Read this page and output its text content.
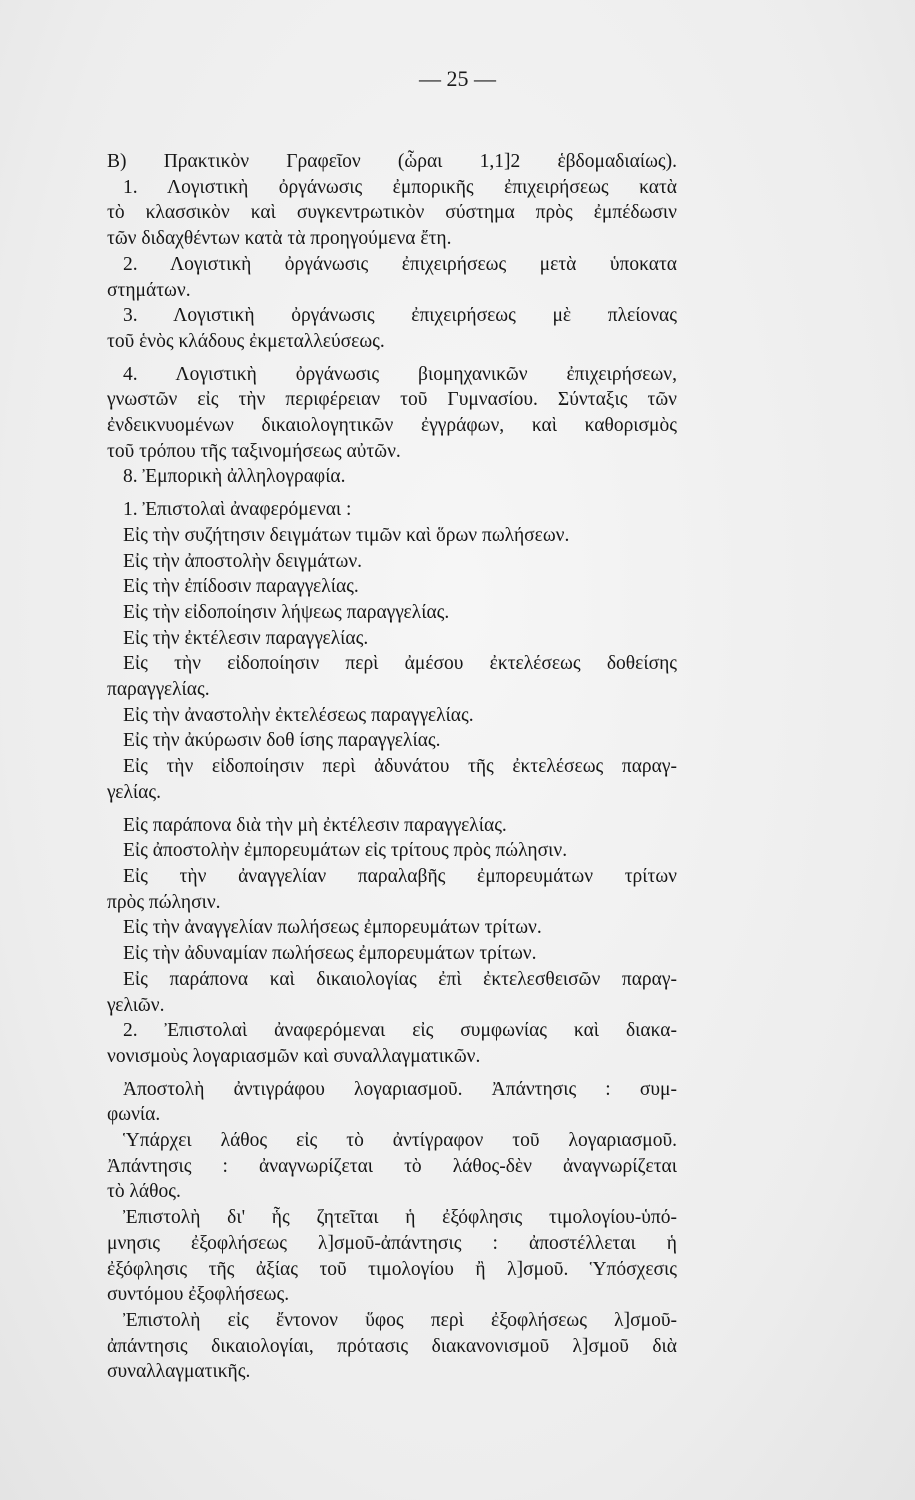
— 25 —
Β) Πρακτικὸν Γραφεῖον (ὧραι 1,1]2 ἑβδομαδιαίως).
1. Λογιστικὴ ὀργάνωσις ἐμπορικῆς ἐπιχειρήσεως κατὰ
τὸ κλασσικὸν καὶ συγκεντρωτικὸν σύστημα πρὸς ἐμπέδωσιν
τῶν διδαχθέντων κατὰ τὰ προηγούμενα ἔτη.
2. Λογιστικὴ ὀργάνωσις ἐπιχειρήσεως μετὰ ὑποκατα
στημάτων.
3. Λογιστικὴ ὀργάνωσις ἐπιχειρήσεως μὲ πλείονας
τοῦ ἑνὸς κλάδους ἐκμεταλλεύσεως.
4. Λογιστικὴ ὀργάνωσις βιομηχανικῶν ἐπιχειρήσεων,
γνωστῶν εἰς τὴν περιφέρειαν τοῦ Γυμνασίου. Σύνταξις τῶν
ἐνδεικνυομένων δικαιολογητικῶν ἐγγράφων, καὶ καθορισμὸς
τοῦ τρόπου τῆς ταξινομήσεως αὐτῶν.
8. Ἐμπορικὴ ἀλληλογραφία.
1. Ἐπιστολαὶ ἀναφερόμεναι :
Εἰς τὴν συζήτησιν δειγμάτων τιμῶν καὶ ὅρων πωλήσεων.
Εἰς τὴν ἀποστολὴν δειγμάτων.
Εἰς τὴν ἐπίδοσιν παραγγελίας.
Εἰς τὴν εἰδοποίησιν λήψεως παραγγελίας.
Εἰς τὴν ἐκτέλεσιν παραγγελίας.
Εἰς τὴν εἰδοποίησιν περὶ ἀμέσου ἐκτελέσεως δοθείσης
παραγγελίας.
Εἰς τὴν ἀναστολὴν ἐκτελέσεως παραγγελίας.
Εἰς τὴν ἀκύρωσιν δοθ ίσης παραγγελίας.
Εἰς τὴν εἰδοποίησιν περὶ ἀδυνάτου τῆς ἐκτελέσεως παραγ-
γελίας.
Εἰς παράπονα διὰ τὴν μὴ ἐκτέλεσιν παραγγελίας.
Εἰς ἀποστολὴν ἐμπορευμάτων εἰς τρίτους πρὸς πώλησιν.
Εἰς τὴν ἀναγγελίαν παραλαβῆς ἐμπορευμάτων τρίτων
πρὸς πώλησιν.
Εἰς τὴν ἀναγγελίαν πωλήσεως ἐμπορευμάτων τρίτων.
Εἰς τὴν ἀδυναμίαν πωλήσεως ἐμπορευμάτων τρίτων.
Εἰς παράπονα καὶ δικαιολογίας ἐπὶ ἐκτελεσθεισῶν παραγ-
γελιῶν.
2. Ἐπιστολαὶ ἀναφερόμεναι εἰς συμφωνίας καὶ διακα-
νονισμοὺς λογαριασμῶν καὶ συναλλαγματικῶν.
Ἀποστολὴ ἀντιγράφου λογαριασμοῦ. Ἀπάντησις : συμ-
φωνία.
Ὑπάρχει λάθος εἰς τὸ ἀντίγραφον τοῦ λογαριασμοῦ.
Ἀπάντησις : ἀναγνωρίζεται τὸ λάθος-δὲν ἀναγνωρίζεται
τὸ λάθος.
Ἐπιστολὴ δι' ἧς ζητεῖται ἡ ἐξόφλησις τιμολογίου-ὑπό-
μνησις ἐξοφλήσεως λ]σμοῦ-ἀπάντησις : ἀποστέλλεται ἡ
ἐξόφλησις τῆς ἀξίας τοῦ τιμολογίου ἢ λ]σμοῦ. Ὑπόσχεσις
συντόμου ἐξοφλήσεως.
Ἐπιστολὴ εἰς ἔντονον ὕφος περὶ ἐξοφλήσεως λ]σμοῦ-
ἀπάντησις δικαιολογίαι, πρότασις διακανονισμοῦ λ]σμοῦ διὰ
συναλλαγματικῆς.
